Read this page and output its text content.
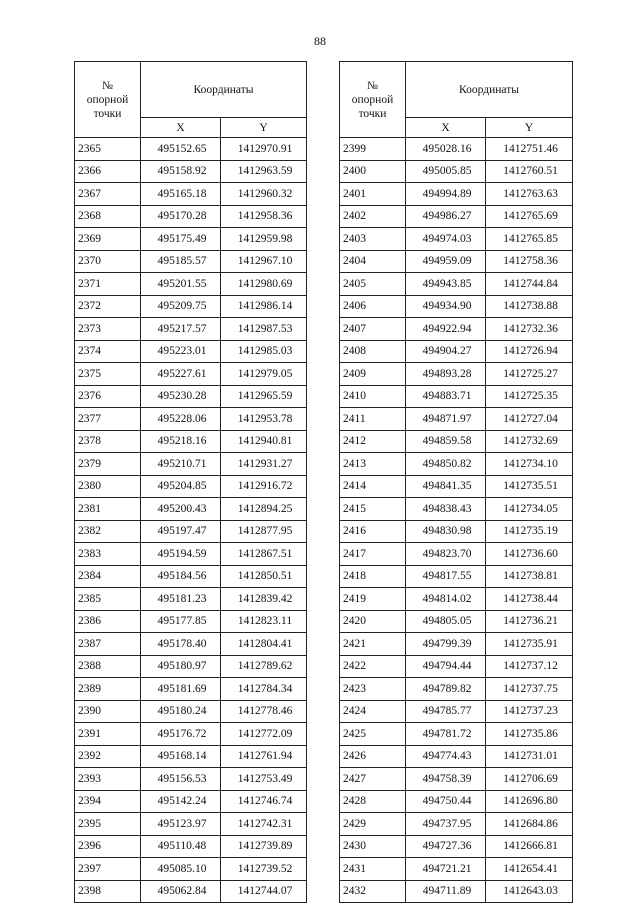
88
№
опорной
точки	Координаты	
	X	Y
2365	495152.65	1412970.91
2366	495158.92	1412963.59
2367	495165.18	1412960.32
2368	495170.28	1412958.36
2369	495175.49	1412959.98
2370	495185.57	1412967.10
2371	495201.55	1412980.69
2372	495209.75	1412986.14
2373	495217.57	1412987.53
2374	495223.01	1412985.03
2375	495227.61	1412979.05
2376	495230.28	1412965.59
2377	495228.06	1412953.78
2378	495218.16	1412940.81
2379	495210.71	1412931.27
2380	495204.85	1412916.72
2381	495200.43	1412894.25
2382	495197.47	1412877.95
2383	495194.59	1412867.51
2384	495184.56	1412850.51
2385	495181.23	1412839.42
2386	495177.85	1412823.11
2387	495178.40	1412804.41
2388	495180.97	1412789.62
2389	495181.69	1412784.34
2390	495180.24	1412778.46
2391	495176.72	1412772.09
2392	495168.14	1412761.94
2393	495156.53	1412753.49
2394	495142.24	1412746.74
2395	495123.97	1412742.31
2396	495110.48	1412739.89
2397	495085.10	1412739.52
2398	495062.84	1412744.07
№
опорной
точки	Координаты	
	X	Y
2399	495028.16	1412751.46
2400	495005.85	1412760.51
2401	494994.89	1412763.63
2402	494986.27	1412765.69
2403	494974.03	1412765.85
2404	494959.09	1412758.36
2405	494943.85	1412744.84
2406	494934.90	1412738.88
2407	494922.94	1412732.36
2408	494904.27	1412726.94
2409	494893.28	1412725.27
2410	494883.71	1412725.35
2411	494871.97	1412727.04
2412	494859.58	1412732.69
2413	494850.82	1412734.10
2414	494841.35	1412735.51
2415	494838.43	1412734.05
2416	494830.98	1412735.19
2417	494823.70	1412736.60
2418	494817.55	1412738.81
2419	494814.02	1412738.44
2420	494805.05	1412736.21
2421	494799.39	1412735.91
2422	494794.44	1412737.12
2423	494789.82	1412737.75
2424	494785.77	1412737.23
2425	494781.72	1412735.86
2426	494774.43	1412731.01
2427	494758.39	1412706.69
2428	494750.44	1412696.80
2429	494737.95	1412684.86
2430	494727.36	1412666.81
2431	494721.21	1412654.41
2432	494711.89	1412643.03
